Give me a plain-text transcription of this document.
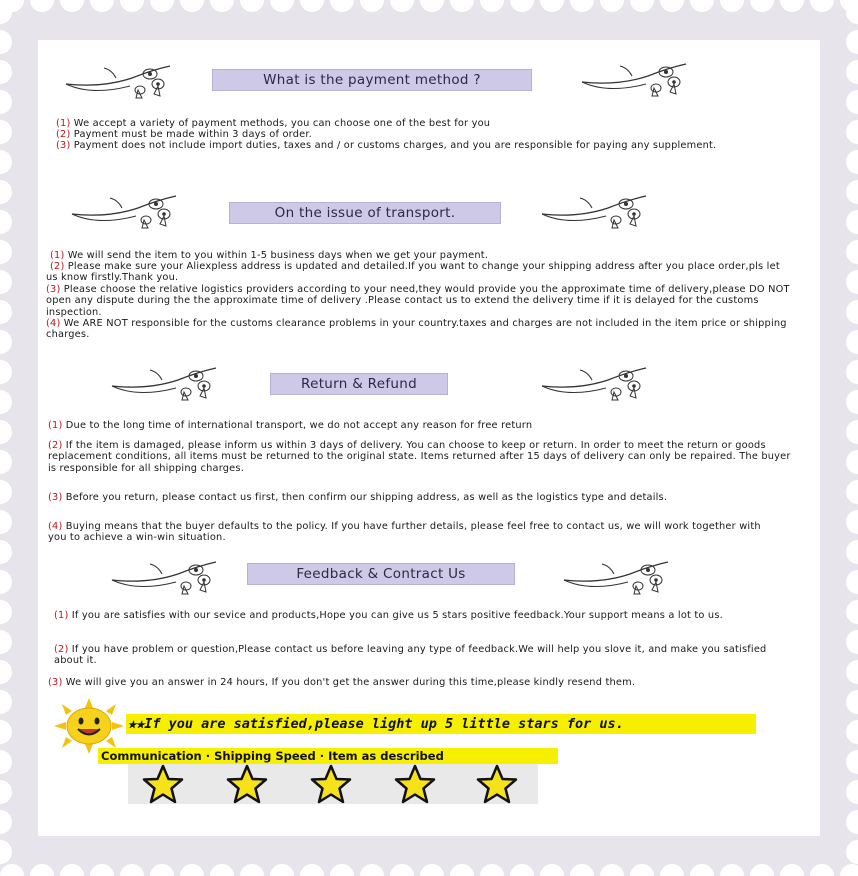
What is the payment method ?
(1) We accept a variety of payment methods, you can choose one of the best for you
(2) Payment must be made within 3 days of order.
(3) Payment does not include import duties, taxes and / or customs charges, and you are responsible for paying any supplement.
On the issue of transport.
(1) We will send the item to you within 1-5 business days when we get your payment.
(2) Please make sure your Aliexpless address is updated and detailed.If you want to change your shipping address after you place order,pls let us know firstly.Thank you.
(3) Please choose the relative logistics providers according to your need,they would provide you the approximate time of delivery,please DO NOT open any dispute during the the approximate time of delivery .Please contact us to extend the delivery time if it is delayed for the customs inspection.
(4) We ARE NOT responsible for the customs clearance problems in your country.taxes and charges are not included in the item price or shipping charges.
Return & Refund
(1) Due to the long time of international transport, we do not accept any reason for free return
(2) If the item is damaged, please inform us within 3 days of delivery. You can choose to keep or return. In order to meet the return or goods replacement conditions, all items must be returned to the original state. Items returned after 15 days of delivery can only be repaired. The buyer is responsible for all shipping charges.
(3) Before you return, please contact us first, then confirm our shipping address, as well as the logistics type and details.
(4) Buying means that the buyer defaults to the policy. If you have further details, please feel free to contact us, we will work together with you to achieve a win-win situation.
Feedback & Contract Us
(1) If you are satisfies with our sevice and products,Hope you can give us 5 stars positive feedback.Your support means a lot to us.
(2) If you have problem or question,Please contact us before leaving any type of feedback.We will help you slove it, and make you satisfied about it.
(3) We will give you an answer in 24 hours, If you don't get the answer during this time,please kindly resend them.
★★If you are satisfied,please light up 5 little stars for us.
Communication · Shipping Speed · Item as described
